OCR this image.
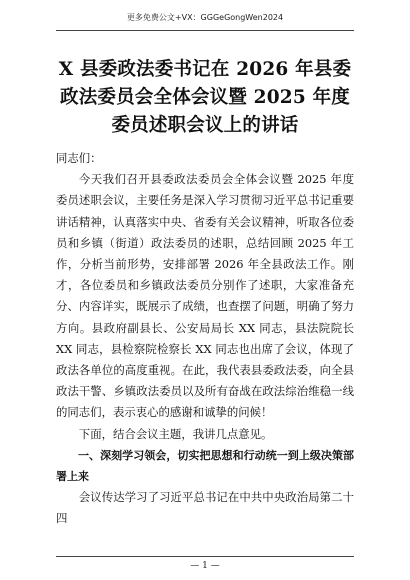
更多免费公文+VX：GGGeGongWen2024
X 县委政法委书记在 2026 年县委政法委员会全体会议暨 2025 年度委员述职会议上的讲话

同志们：

今天我们召开县委政法委员会全体会议暨 2025 年度委员述职会议，主要任务是深入学习贯彻习近平总书记重要讲话精神，认真落实中央、省委有关会议精神，听取各位委员和乡镇（街道）政法委员的述职，总结回顾 2025 年工作，分析当前形势，安排部署 2026 年全县政法工作。刚才，各位委员和乡镇政法委员分别作了述职，大家准备充分、内容详实，既展示了成绩，也查摆了问题，明确了努力方向。县政府副县长、公安局局长 XX 同志，县法院院长 XX 同志，县检察院检察长 XX 同志也出席了会议，体现了政法各单位的高度重视。在此，我代表县委政法委，向全县政法干警、乡镇政法委员以及所有奋战在政法综治维稳一线的同志们，表示衷心的感谢和诚挚的问候！

下面，结合会议主题，我讲几点意见。

一、深刻学习领会，切实把思想和行动统一到上级决策部署上来

会议传达学习了习近平总书记在中共中央政治局第二十四

— 1 —
